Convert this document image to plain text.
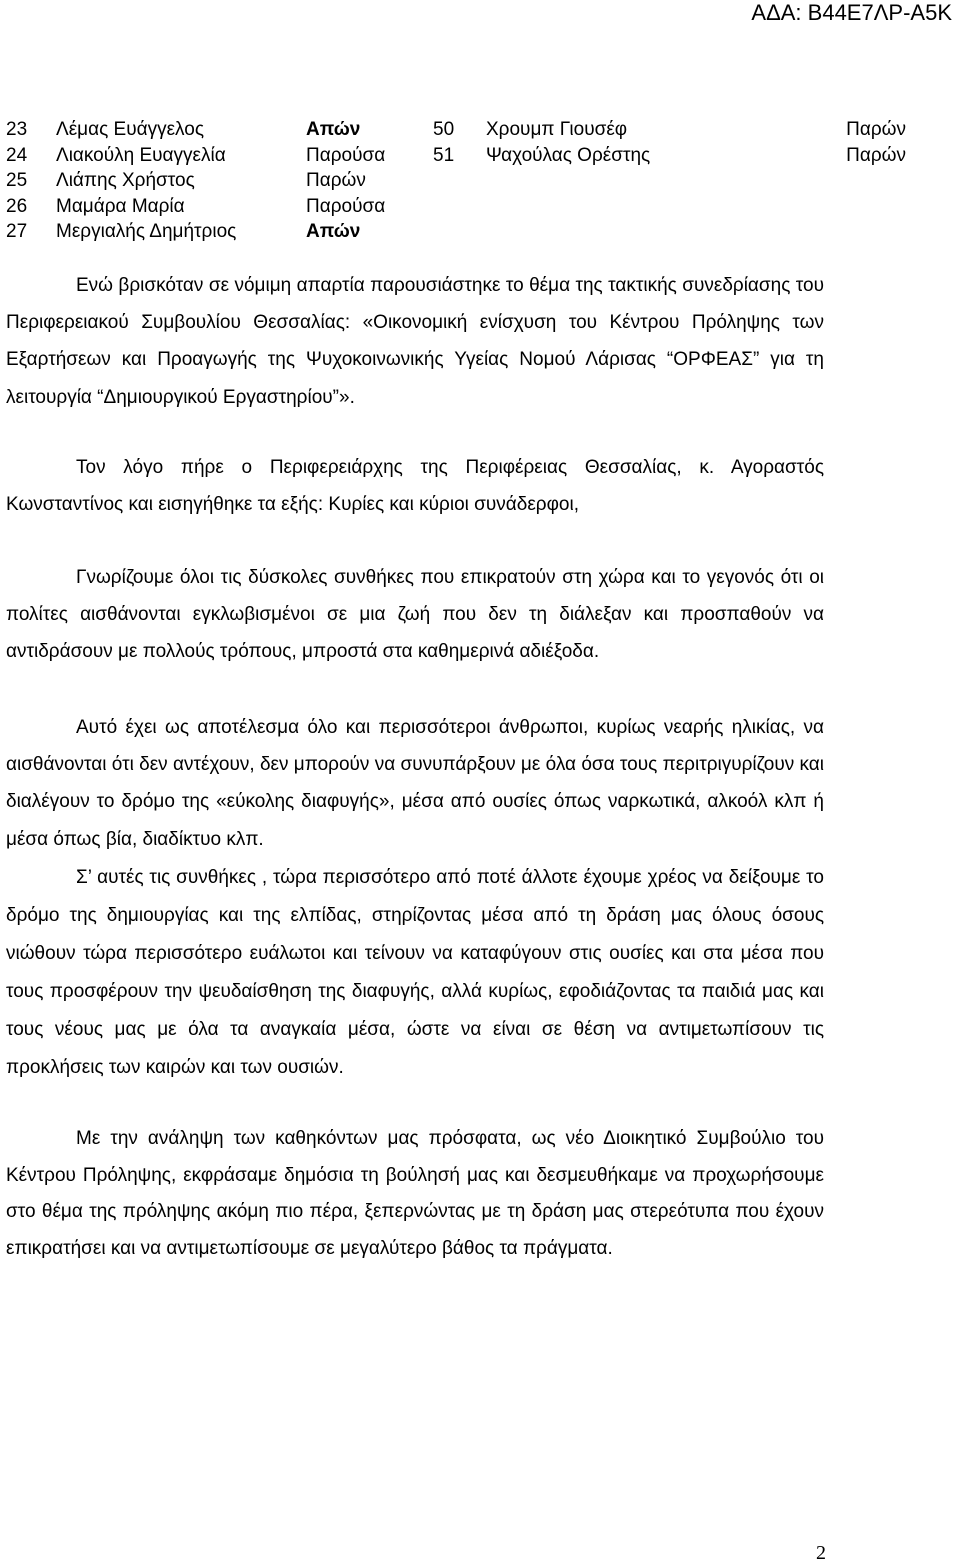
ΑΔΑ: Β44Ε7ΛΡ-Α5Κ
23 Λέμας Ευάγγελος	Απών	50 Χρουμπ Γιουσέφ	Παρών
24 Λιακούλη Ευαγγελία	Παρούσα	51 Ψαχούλας Ορέστης	Παρών
25 Λιάπης Χρήστος	Παρών
26 Μαμάρα Μαρία	Παρούσα
27 Μεργιαλής Δημήτριος	Απών

Ενώ βρισκόταν σε νόμιμη απαρτία παρουσιάστηκε το θέμα της τακτικής συνεδρίασης του Περιφερειακού Συμβουλίου Θεσσαλίας: «Οικονομική ενίσχυση του Κέντρου Πρόληψης των Εξαρτήσεων και Προαγωγής της Ψυχοκοινωνικής Υγείας Νομού Λάρισας “ΟΡΦΕΑΣ” για τη λειτουργία “Δημιουργικού Εργαστηρίου”».

Τον λόγο πήρε ο Περιφερειάρχης της Περιφέρειας Θεσσαλίας, κ. Αγοραστός Κωνσταντίνος και εισηγήθηκε τα εξής: Κυρίες και κύριοι συνάδερφοι,

Γνωρίζουμε όλοι τις δύσκολες συνθήκες που επικρατούν στη χώρα και το γεγονός ότι οι πολίτες αισθάνονται εγκλωβισμένοι σε μια ζωή που δεν τη διάλεξαν και προσπαθούν να αντιδράσουν με πολλούς τρόπους, μπροστά στα καθημερινά αδιέξοδα.

Αυτό έχει ως αποτέλεσμα όλο και περισσότεροι άνθρωποι, κυρίως νεαρής ηλικίας, να αισθάνονται ότι δεν αντέχουν, δεν μπορούν να συνυπάρξουν με όλα όσα τους περιτριγυρίζουν και διαλέγουν το δρόμο της «εύκολης διαφυγής», μέσα από ουσίες όπως ναρκωτικά, αλκοόλ κλπ ή μέσα όπως βία, διαδίκτυο κλπ.

Σ’ αυτές τις συνθήκες , τώρα περισσότερο από ποτέ άλλοτε έχουμε χρέος να δείξουμε το δρόμο της δημιουργίας και της ελπίδας, στηρίζοντας μέσα από τη δράση μας όλους όσους νιώθουν τώρα περισσότερο ευάλωτοι και τείνουν να καταφύγουν στις ουσίες και στα μέσα που τους προσφέρουν την ψευδαίσθηση της διαφυγής, αλλά κυρίως, εφοδιάζοντας τα παιδιά μας και τους νέους μας με όλα τα αναγκαία μέσα, ώστε να είναι σε θέση να αντιμετωπίσουν τις προκλήσεις των καιρών και των ουσιών.

Με την ανάληψη των καθηκόντων μας πρόσφατα, ως νέο Διοικητικό Συμβούλιο του Κέντρου Πρόληψης, εκφράσαμε δημόσια τη βούλησή μας και δεσμευθήκαμε να προχωρήσουμε στο θέμα της πρόληψης ακόμη πιο πέρα, ξεπερνώντας με τη δράση μας στερεότυπα που έχουν επικρατήσει και να αντιμετωπίσουμε σε μεγαλύτερο βάθος τα πράγματα.

2
